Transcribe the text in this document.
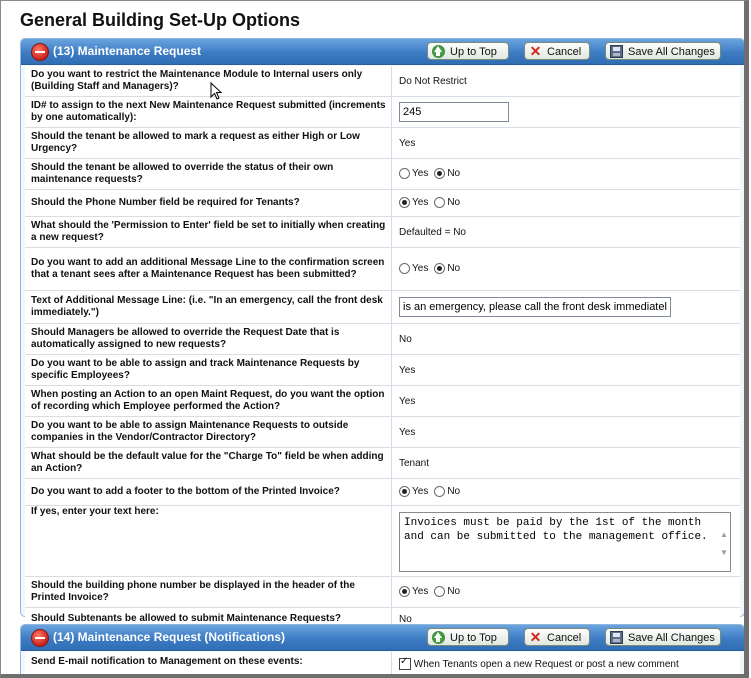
General Building Set-Up Options
(13) Maintenance Request	Up to Top	✕ Cancel	Save All Changes
Do you want to restrict the Maintenance Module to Internal users only (Building Staff and Managers)?	Do Not Restrict
ID# to assign to the next New Maintenance Request submitted (increments by one automatically):	245
Should the tenant be allowed to mark a request as either High or Low Urgency?	Yes
Should the tenant be allowed to override the status of their own maintenance requests?	Yes No
Should the Phone Number field be required for Tenants?	Yes No
What should the 'Permission to Enter' field be set to initially when creating a new request?	Defaulted = No
Do you want to add an additional Message Line to the confirmation screen that a tenant sees after a Maintenance Request has been submitted?	Yes No
Text of Additional Message Line: (i.e. "In an emergency, call the front desk immediately.")	is an emergency, please call the front desk immediately.
Should Managers be allowed to override the Request Date that is automatically assigned to new requests?	No
Do you want to be able to assign and track Maintenance Requests by specific Employees?	Yes
When posting an Action to an open Maint Request, do you want the option of recording which Employee performed the Action?	Yes
Do you want to be able to assign Maintenance Requests to outside companies in the Vendor/Contractor Directory?	Yes
What should be the default value for the "Charge To" field be when adding an Action?	Tenant
Do you want to add a footer to the bottom of the Printed Invoice?	Yes No
If yes, enter your text here:	Invoices must be paid by the 1st of the month and can be submitted to the management office.
▲
▼

Should the building phone number be displayed in the header of the Printed Invoice?	Yes No
Should Subtenants be allowed to submit Maintenance Requests?	No
(14) Maintenance Request (Notifications)	Up to Top	✕ Cancel	Save All Changes
Send E-mail notification to Management on these events:	✓When Tenants open a new Request or post a new comment
